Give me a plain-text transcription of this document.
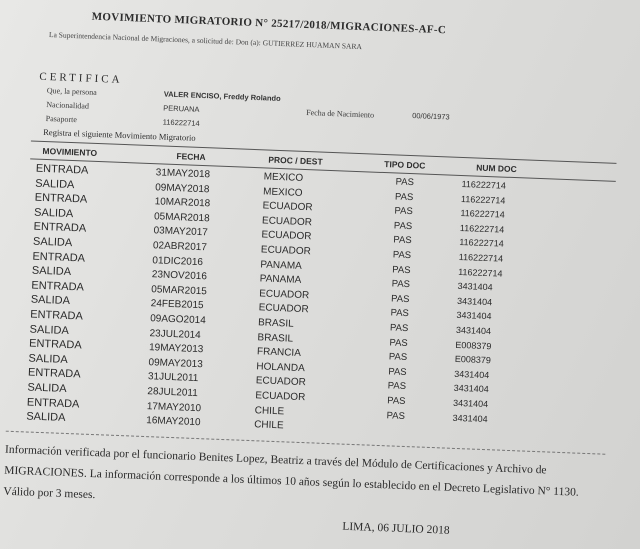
MOVIMIENTO MIGRATORIO N° 25217/2018/MIGRACIONES-AF-C
La Superintendencia Nacional de Migraciones, a solicitud de: Don (a): GUTIERREZ HUAMAN SARA
CERTIFICA
Que, la persona	VALER ENCISO, Freddy Rolando
Nacionalidad	PERUANA	Fecha de Nacimiento	00/06/1973
Pasaporte	116222714
Registra el siguiente Movimiento Migratorio
MOVIMIENTO	FECHA	PROC / DEST	TIPO DOC	NUM DOC
ENTRADA	31MAY2018	MEXICO	PAS	116222714
SALIDA	09MAY2018	MEXICO	PAS	116222714
ENTRADA	10MAR2018	ECUADOR	PAS	116222714
SALIDA	05MAR2018	ECUADOR	PAS	116222714
ENTRADA	03MAY2017	ECUADOR	PAS	116222714
SALIDA	02ABR2017	ECUADOR	PAS	116222714
ENTRADA	01DIC2016	PANAMA	PAS	116222714
SALIDA	23NOV2016	PANAMA	PAS	3431404
ENTRADA	05MAR2015	ECUADOR	PAS	3431404
SALIDA	24FEB2015	ECUADOR	PAS	3431404
ENTRADA	09AGO2014	BRASIL	PAS	3431404
SALIDA	23JUL2014	BRASIL	PAS	E008379
ENTRADA	19MAY2013	FRANCIA	PAS	E008379
SALIDA	09MAY2013	HOLANDA	PAS	3431404
ENTRADA	31JUL2011	ECUADOR	PAS	3431404
SALIDA	28JUL2011	ECUADOR	PAS	3431404
ENTRADA	17MAY2010	CHILE	PAS	3431404
SALIDA	16MAY2010	CHILE
Información verificada por el funcionario Benites Lopez, Beatriz a través del Módulo de Certificaciones y Archivo de MIGRACIONES. La información corresponde a los últimos 10 años según lo establecido en el Decreto Legislativo N° 1130. Válido por 3 meses.
LIMA, 06 JULIO 2018
